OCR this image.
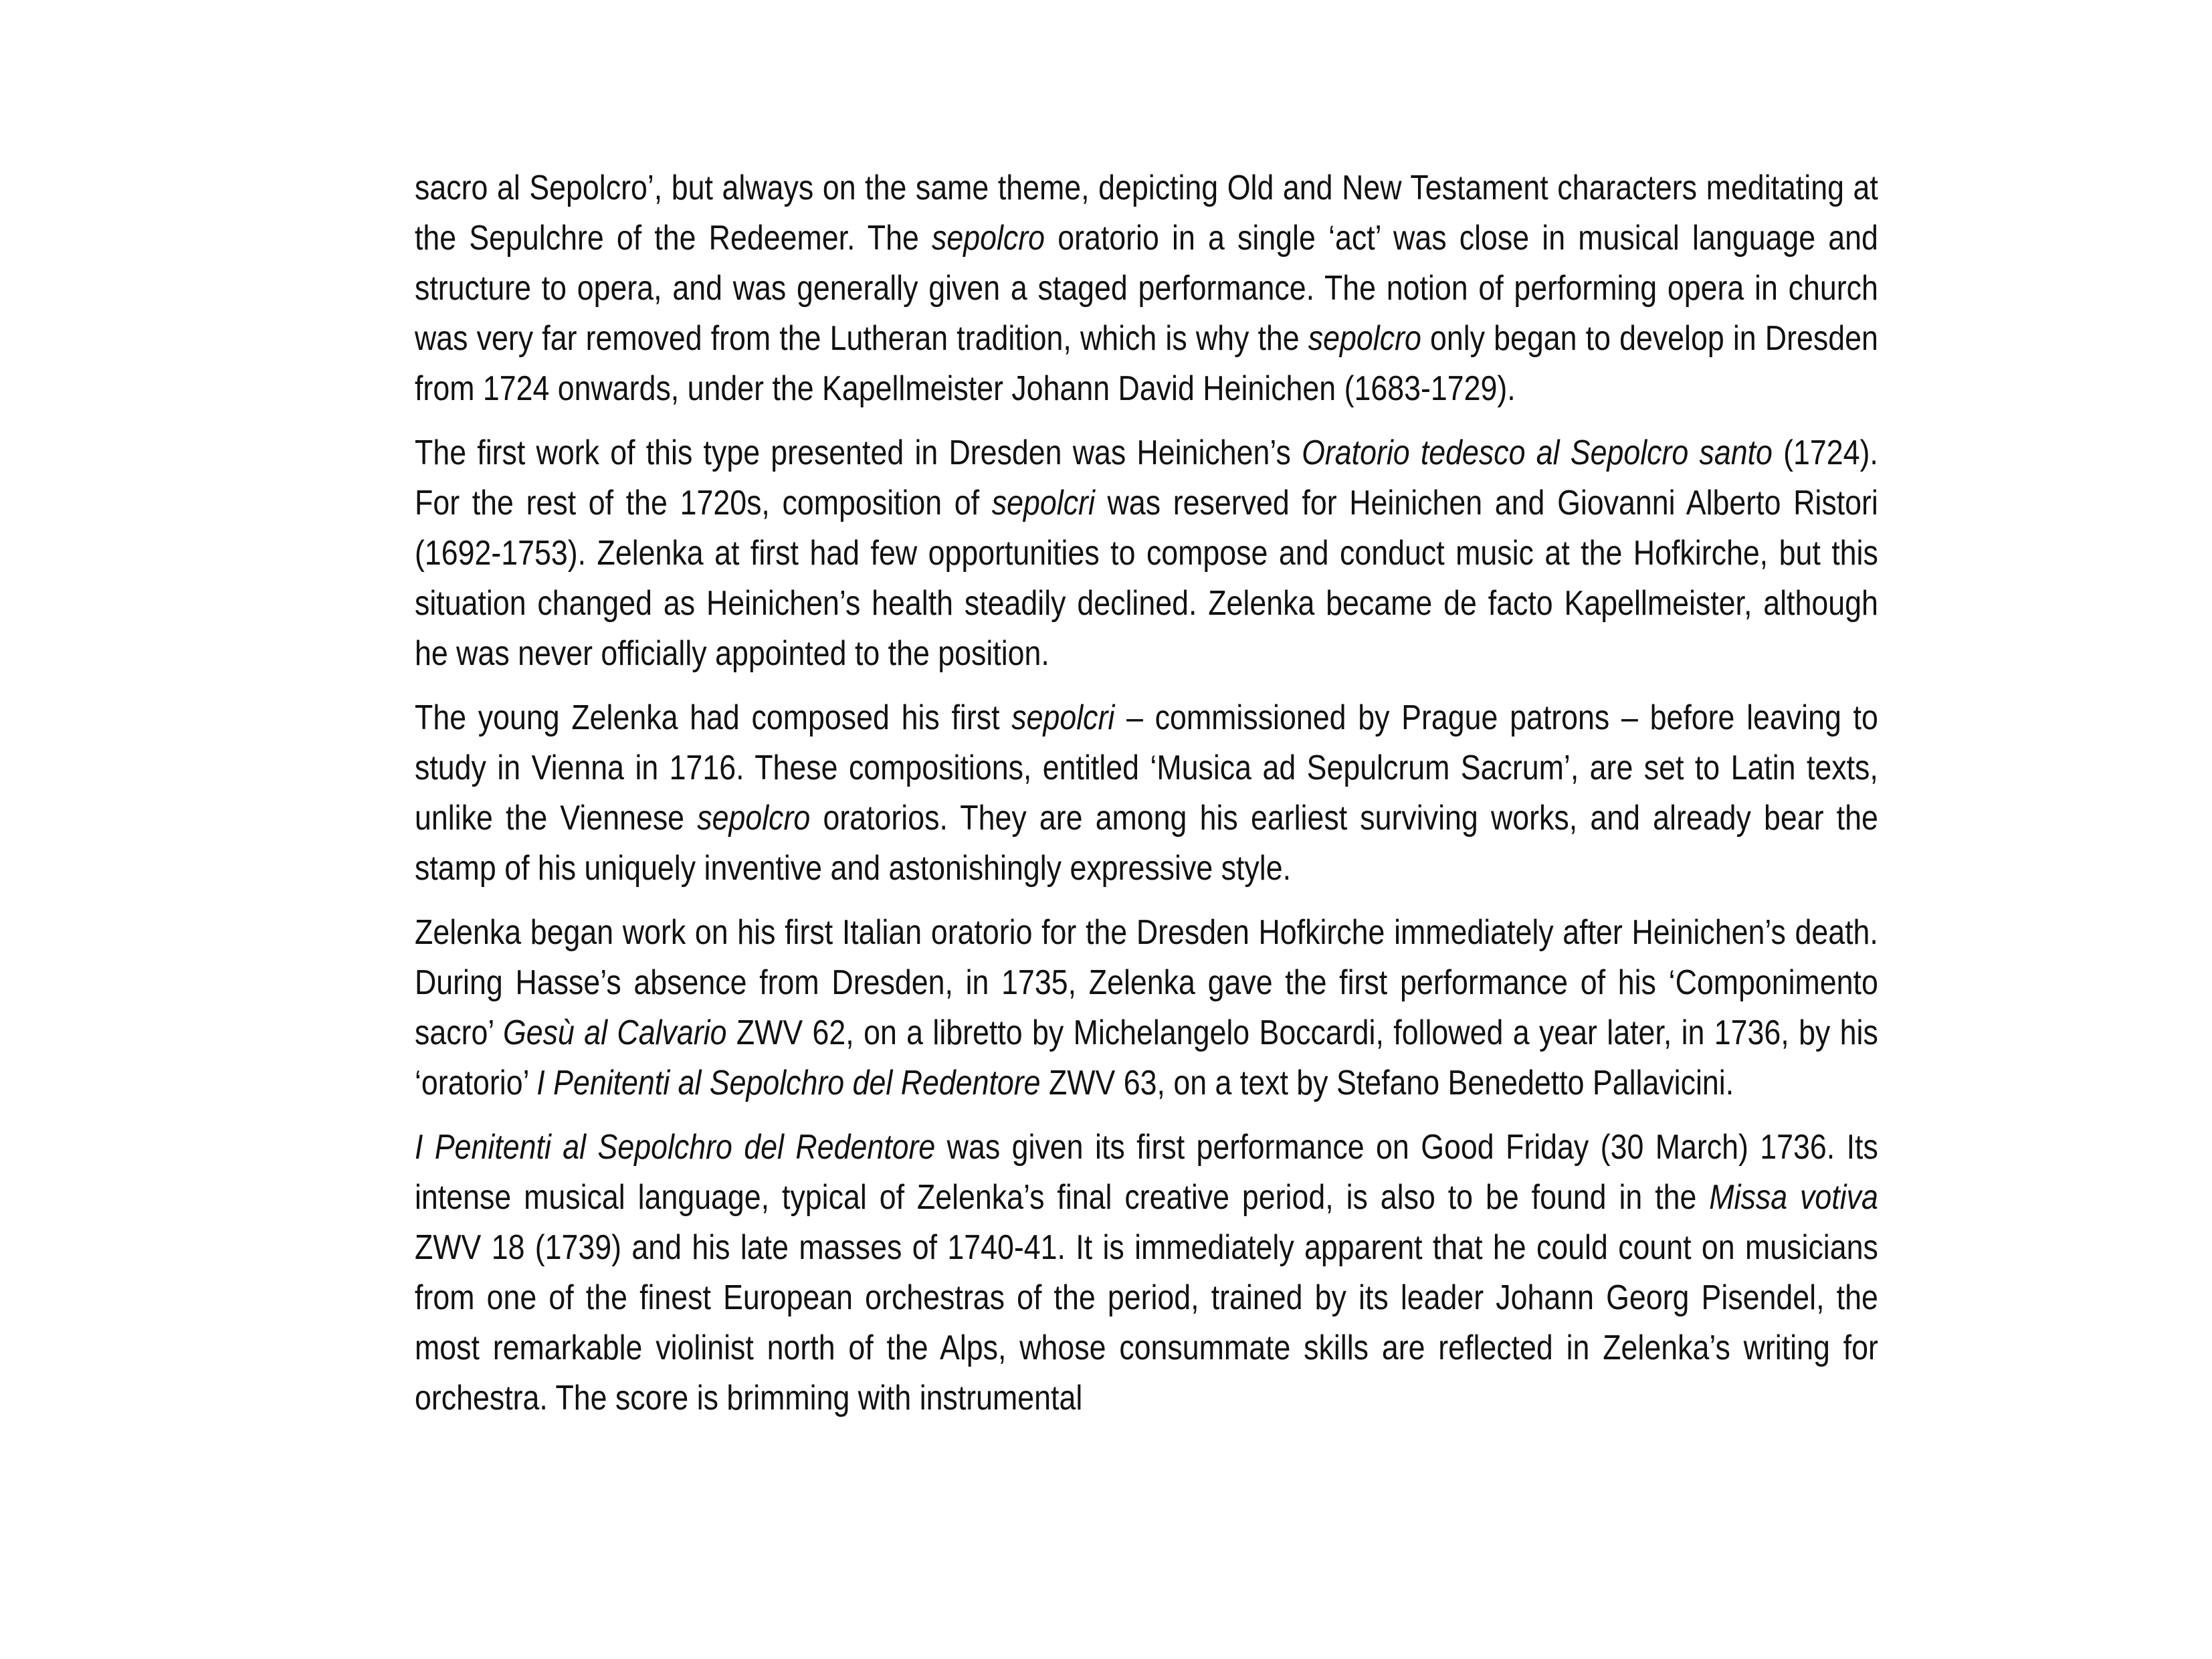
sacro al Sepolcro’, but always on the same theme, depicting Old and New Testament characters meditating at the Sepulchre of the Redeemer. The sepolcro oratorio in a single ‘act’ was close in musical language and structure to opera, and was generally given a staged performance. The notion of performing opera in church was very far removed from the Lutheran tradition, which is why the sepolcro only began to develop in Dresden from 1724 onwards, under the Kapellmeister Johann David Heinichen (1683-1729).

The first work of this type presented in Dresden was Heinichen’s Oratorio tedesco al Sepolcro santo (1724). For the rest of the 1720s, composition of sepolcri was reserved for Heinichen and Giovanni Alberto Ristori (1692-1753). Zelenka at first had few opportunities to compose and conduct music at the Hofkirche, but this situation changed as Heinichen’s health steadily declined. Zelenka became de facto Kapellmeister, although he was never officially appointed to the position.

The young Zelenka had composed his first sepolcri – commissioned by Prague patrons – before leaving to study in Vienna in 1716. These compositions, entitled ‘Musica ad Sepulcrum Sacrum’, are set to Latin texts, unlike the Viennese sepolcro oratorios. They are among his earliest surviving works, and already bear the stamp of his uniquely inventive and astonishingly expressive style.

Zelenka began work on his first Italian oratorio for the Dresden Hofkirche immediately after Heinichen’s death. During Hasse’s absence from Dresden, in 1735, Zelenka gave the first performance of his ‘Componimento sacro’ Gesù al Calvario ZWV 62, on a libretto by Michelangelo Boccardi, followed a year later, in 1736, by his ‘oratorio’ I Penitenti al Sepolchro del Redentore ZWV 63, on a text by Stefano Benedetto Pallavicini.

I Penitenti al Sepolchro del Redentore was given its first performance on Good Friday (30 March) 1736. Its intense musical language, typical of Zelenka’s final creative period, is also to be found in the Missa votiva ZWV 18 (1739) and his late masses of 1740-41. It is immediately apparent that he could count on musicians from one of the finest European orchestras of the period, trained by its leader Johann Georg Pisendel, the most remarkable violinist north of the Alps, whose consummate skills are reflected in Zelenka’s writing for orchestra. The score is brimming with instrumental
